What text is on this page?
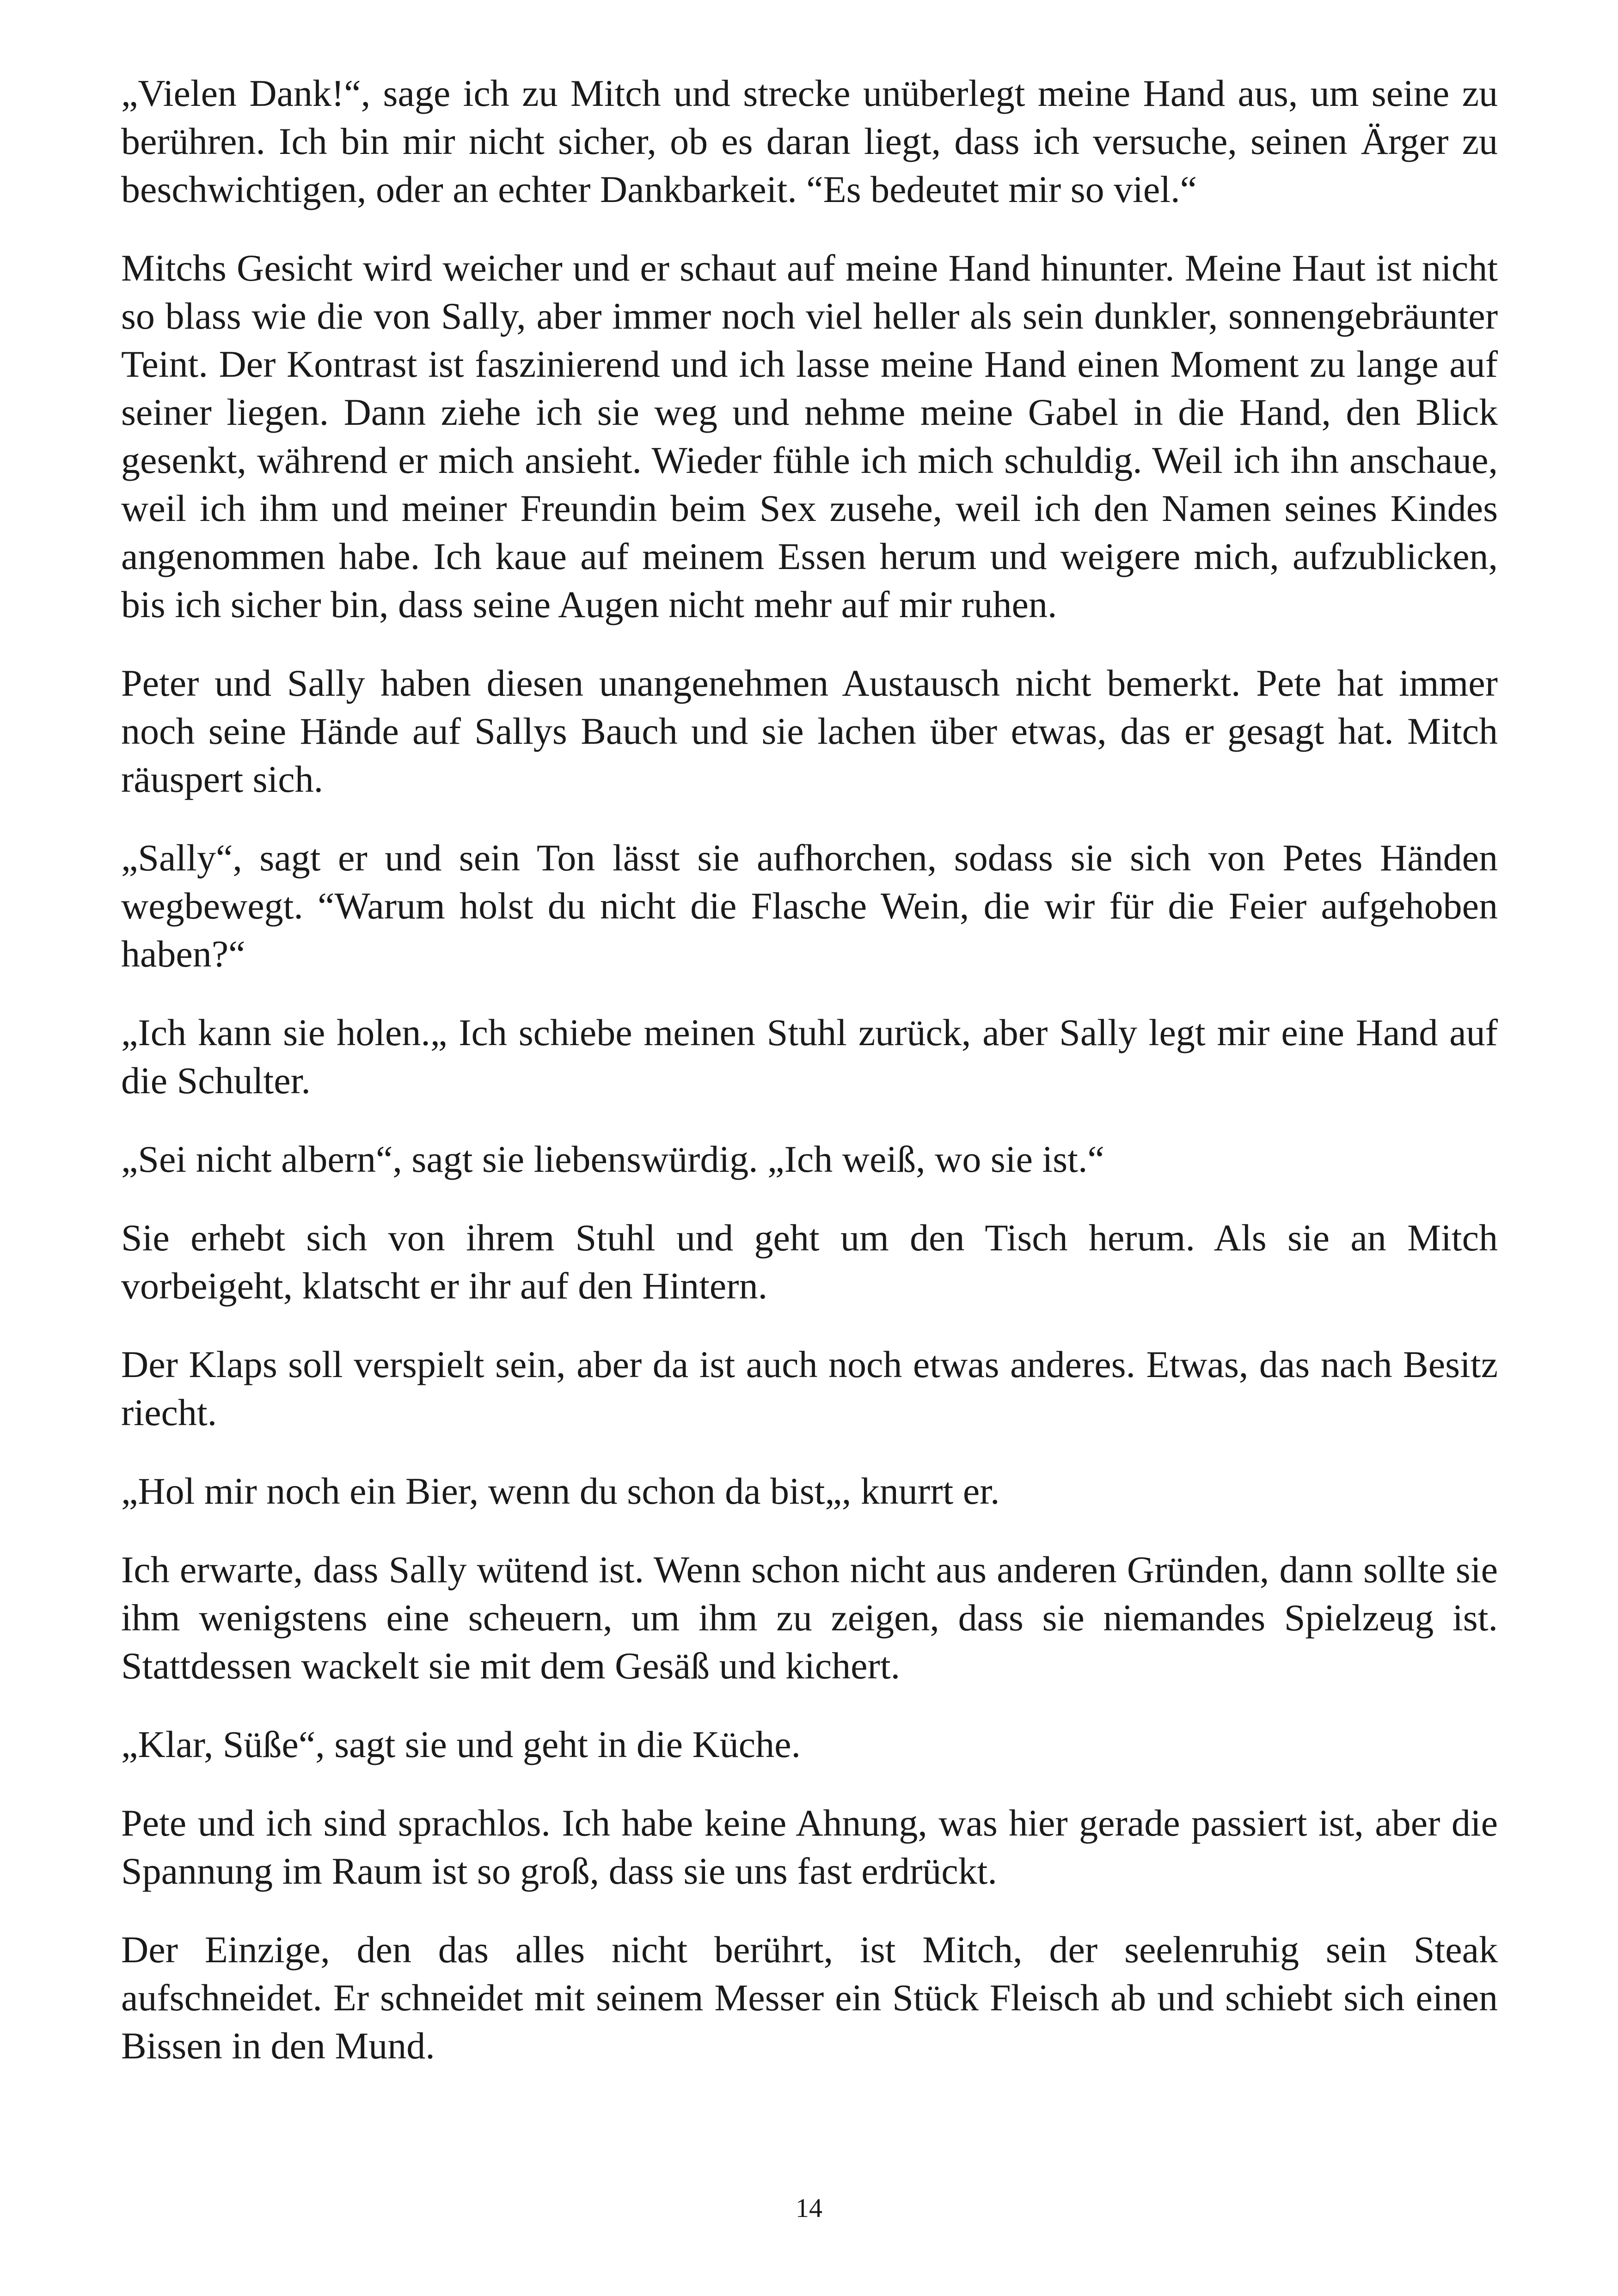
„Vielen Dank!“, sage ich zu Mitch und strecke unüberlegt meine Hand aus, um seine zu berühren. Ich bin mir nicht sicher, ob es daran liegt, dass ich versuche, seinen Ärger zu beschwichtigen, oder an echter Dankbarkeit. “Es bedeutet mir so viel.“

Mitchs Gesicht wird weicher und er schaut auf meine Hand hinunter. Meine Haut ist nicht so blass wie die von Sally, aber immer noch viel heller als sein dunkler, sonnengebräunter Teint. Der Kontrast ist faszinierend und ich lasse meine Hand einen Moment zu lange auf seiner liegen. Dann ziehe ich sie weg und nehme meine Gabel in die Hand, den Blick gesenkt, während er mich ansieht. Wieder fühle ich mich schuldig. Weil ich ihn anschaue, weil ich ihm und meiner Freundin beim Sex zusehe, weil ich den Namen seines Kindes angenommen habe. Ich kaue auf meinem Essen herum und weigere mich, aufzublicken, bis ich sicher bin, dass seine Augen nicht mehr auf mir ruhen.

Peter und Sally haben diesen unangenehmen Austausch nicht bemerkt. Pete hat immer noch seine Hände auf Sallys Bauch und sie lachen über etwas, das er gesagt hat. Mitch räuspert sich.

„Sally“, sagt er und sein Ton lässt sie aufhorchen, sodass sie sich von Petes Händen wegbewegt. “Warum holst du nicht die Flasche Wein, die wir für die Feier aufgehoben haben?“

„Ich kann sie holen.„ Ich schiebe meinen Stuhl zurück, aber Sally legt mir eine Hand auf die Schulter.

„Sei nicht albern“, sagt sie liebenswürdig. „Ich weiß, wo sie ist.“

Sie erhebt sich von ihrem Stuhl und geht um den Tisch herum. Als sie an Mitch vorbeigeht, klatscht er ihr auf den Hintern.

Der Klaps soll verspielt sein, aber da ist auch noch etwas anderes. Etwas, das nach Besitz riecht.

„Hol mir noch ein Bier, wenn du schon da bist„, knurrt er.

Ich erwarte, dass Sally wütend ist. Wenn schon nicht aus anderen Gründen, dann sollte sie ihm wenigstens eine scheuern, um ihm zu zeigen, dass sie niemandes Spielzeug ist. Stattdessen wackelt sie mit dem Gesäß und kichert.

„Klar, Süße“, sagt sie und geht in die Küche.

Pete und ich sind sprachlos. Ich habe keine Ahnung, was hier gerade passiert ist, aber die Spannung im Raum ist so groß, dass sie uns fast erdrückt.

Der Einzige, den das alles nicht berührt, ist Mitch, der seelenruhig sein Steak aufschneidet. Er schneidet mit seinem Messer ein Stück Fleisch ab und schiebt sich einen Bissen in den Mund.

14
